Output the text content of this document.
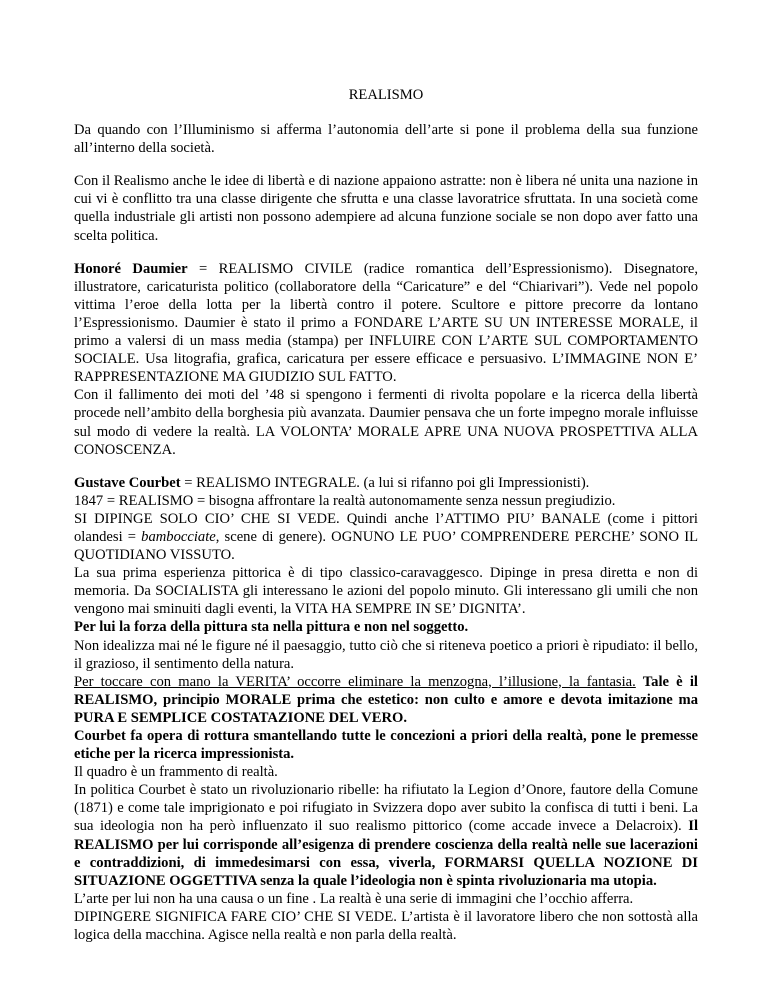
REALISMO

Da quando con l’Illuminismo si afferma l’autonomia dell’arte si pone il problema della sua funzione all’interno della società.

Con il Realismo anche le idee di libertà e di nazione appaiono astratte: non è libera né unita una nazione in cui vi è conflitto tra una classe dirigente che sfrutta e una classe lavoratrice sfruttata. In una società come quella industriale gli artisti non possono adempiere ad alcuna funzione sociale se non dopo aver fatto una scelta politica.

Honoré Daumier = REALISMO CIVILE (radice romantica dell’Espressionismo). Disegnatore, illustratore, caricaturista politico (collaboratore della “Caricature” e del “Chiarivari”). Vede nel popolo vittima l’eroe della lotta per la libertà contro il potere. Scultore e pittore precorre da lontano l’Espressionismo. Daumier è stato il primo a FONDARE L’ARTE SU UN INTERESSE MORALE, il primo a valersi di un mass media (stampa) per INFLUIRE CON L’ARTE SUL COMPORTAMENTO SOCIALE. Usa litografia, grafica, caricatura per essere efficace e persuasivo. L’IMMAGINE NON E’ RAPPRESENTAZIONE MA GIUDIZIO SUL FATTO.

Con il fallimento dei moti del ’48 si spengono i fermenti di rivolta popolare e la ricerca della libertà procede nell’ambito della borghesia più avanzata. Daumier pensava che un forte impegno morale influisse sul modo di vedere la realtà. LA VOLONTA’ MORALE APRE UNA NUOVA PROSPETTIVA ALLA CONOSCENZA.

Gustave Courbet = REALISMO INTEGRALE. (a lui si rifanno poi gli Impressionisti).
1847 = REALISMO = bisogna affrontare la realtà autonomamente senza nessun pregiudizio.
SI DIPINGE SOLO CIO’ CHE SI VEDE. Quindi anche l’ATTIMO PIU’ BANALE (come i pittori olandesi = bambocciate, scene di genere). OGNUNO LE PUO’ COMPRENDERE PERCHE’ SONO IL QUOTIDIANO VISSUTO.
La sua prima esperienza pittorica è di tipo classico-caravaggesco. Dipinge in presa diretta e non di memoria. Da SOCIALISTA gli interessano le azioni del popolo minuto. Gli interessano gli umili che non vengono mai sminuiti dagli eventi, la VITA HA SEMPRE IN SE’ DIGNITA’.
Per lui la forza della pittura sta nella pittura e non nel soggetto.
Non idealizza mai né le figure né il paesaggio, tutto ciò che si riteneva poetico a priori è ripudiato: il bello, il grazioso, il sentimento della natura.
Per toccare con mano la VERITA’ occorre eliminare la menzogna, l’illusione, la fantasia. Tale è il REALISMO, principio MORALE prima che estetico: non culto e amore e devota imitazione ma PURA E SEMPLICE COSTATAZIONE DEL VERO.
Courbet fa opera di rottura smantellando tutte le concezioni a priori della realtà, pone le premesse etiche per la ricerca impressionista.
Il quadro è un frammento di realtà.
In politica Courbet è stato un rivoluzionario ribelle: ha rifiutato la Legion d’Onore, fautore della Comune (1871) e come tale imprigionato e poi rifugiato in Svizzera dopo aver subito la confisca di tutti i beni. La sua ideologia non ha però influenzato il suo realismo pittorico (come accade invece a Delacroix). Il REALISMO per lui corrisponde all’esigenza di prendere coscienza della realtà nelle sue lacerazioni e contraddizioni, di immedesimarsi con essa, viverla, FORMARSI QUELLA NOZIONE DI SITUAZIONE OGGETTIVA senza la quale l’ideologia non è spinta rivoluzionaria ma utopia.
L’arte per lui non ha una causa o un fine . La realtà è una serie di immagini che l’occhio afferra.
DIPINGERE SIGNIFICA FARE CIO’ CHE SI VEDE. L’artista è il lavoratore libero che non sottostà alla logica della macchina. Agisce nella realtà e non parla della realtà.
